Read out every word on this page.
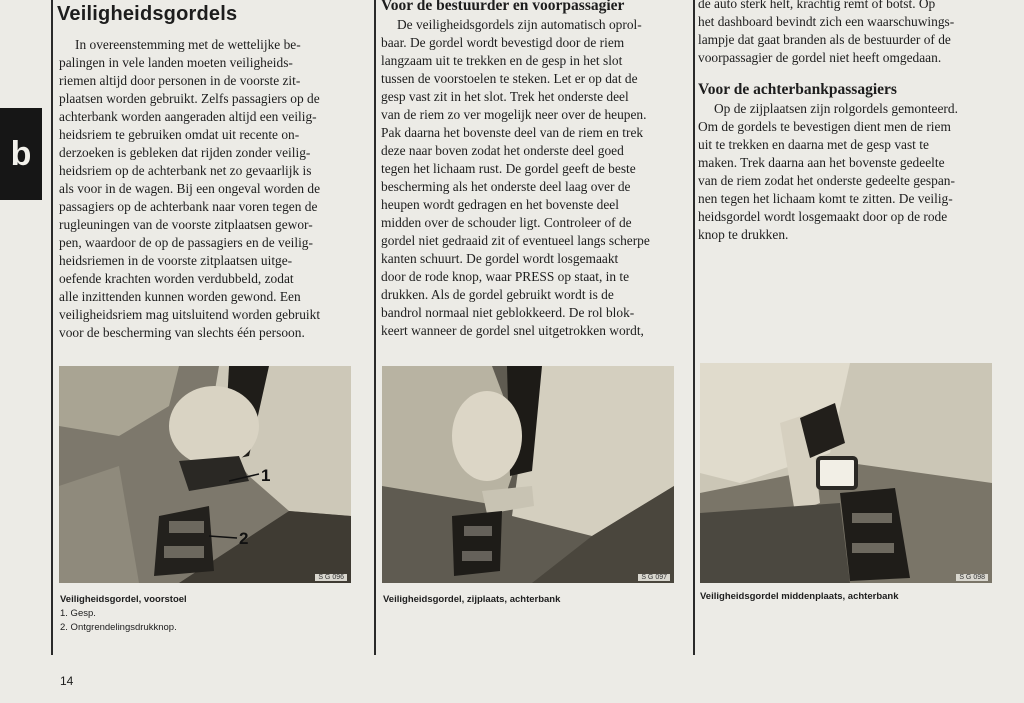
b
Veiligheidsgordels

In overeenstemming met de wettelijke be-
palingen in vele landen moeten veiligheids-
riemen altijd door personen in de voorste zit-
plaatsen worden gebruikt. Zelfs passagiers op de
achterbank worden aangeraden altijd een veilig-
heidsriem te gebruiken omdat uit recente on-
derzoeken is gebleken dat rijden zonder veilig-
heidsriem op de achterbank net zo gevaarlijk is
als voor in de wagen. Bij een ongeval worden de
passagiers op de achterbank naar voren tegen de
rugleuningen van de voorste zitplaatsen gewor-
pen, waardoor de op de passagiers en de veilig-
heidsriemen in de voorste zitplaatsen uitge-
oefende krachten worden verdubbeld, zodat
alle inzittenden kunnen worden gewond. Een
veiligheidsriem mag uitsluitend worden gebruikt
voor de bescherming van slechts één persoon.

Voor de bestuurder en voorpassagier

De veiligheidsgordels zijn automatisch oprol-
baar. De gordel wordt bevestigd door de riem
langzaam uit te trekken en de gesp in het slot
tussen de voorstoelen te steken. Let er op dat de
gesp vast zit in het slot. Trek het onderste deel
van de riem zo ver mogelijk neer over de heupen.
Pak daarna het bovenste deel van de riem en trek
deze naar boven zodat het onderste deel goed
tegen het lichaam rust. De gordel geeft de beste
bescherming als het onderste deel laag over de
heupen wordt gedragen en het bovenste deel
midden over de schouder ligt. Controleer of de
gordel niet gedraaid zit of eventueel langs scherpe
kanten schuurt. De gordel wordt losgemaakt
door de rode knop, waar PRESS op staat, in te
drukken. Als de gordel gebruikt wordt is de
bandrol normaal niet geblokkeerd. De rol blok-
keert wanneer de gordel snel uitgetrokken wordt,

de auto sterk helt, krachtig remt of botst. Op
het dashboard bevindt zich een waarschuwings-
lampje dat gaat branden als de bestuurder of de
voorpassagier de gordel niet heeft omgedaan.

Voor de achterbankpassagiers

Op de zijplaatsen zijn rolgordels gemonteerd.
Om de gordels te bevestigen dient men de riem
uit te trekken en daarna met de gesp vast te
maken. Trek daarna aan het bovenste gedeelte
van de riem zodat het onderste gedeelte gespan-
nen tegen het lichaam komt te zitten. De veilig-
heidsgordel wordt losgemaakt door op de rode
knop te drukken.

1
2
S G 096
Veiligheidsgordel, voorstoel
1. Gesp.
2. Ontgrendelingsdrukknop.
S G 097
Veiligheidsgordel, zijplaats, achterbank
S G 098
Veiligheidsgordel middenplaats, achterbank
14
